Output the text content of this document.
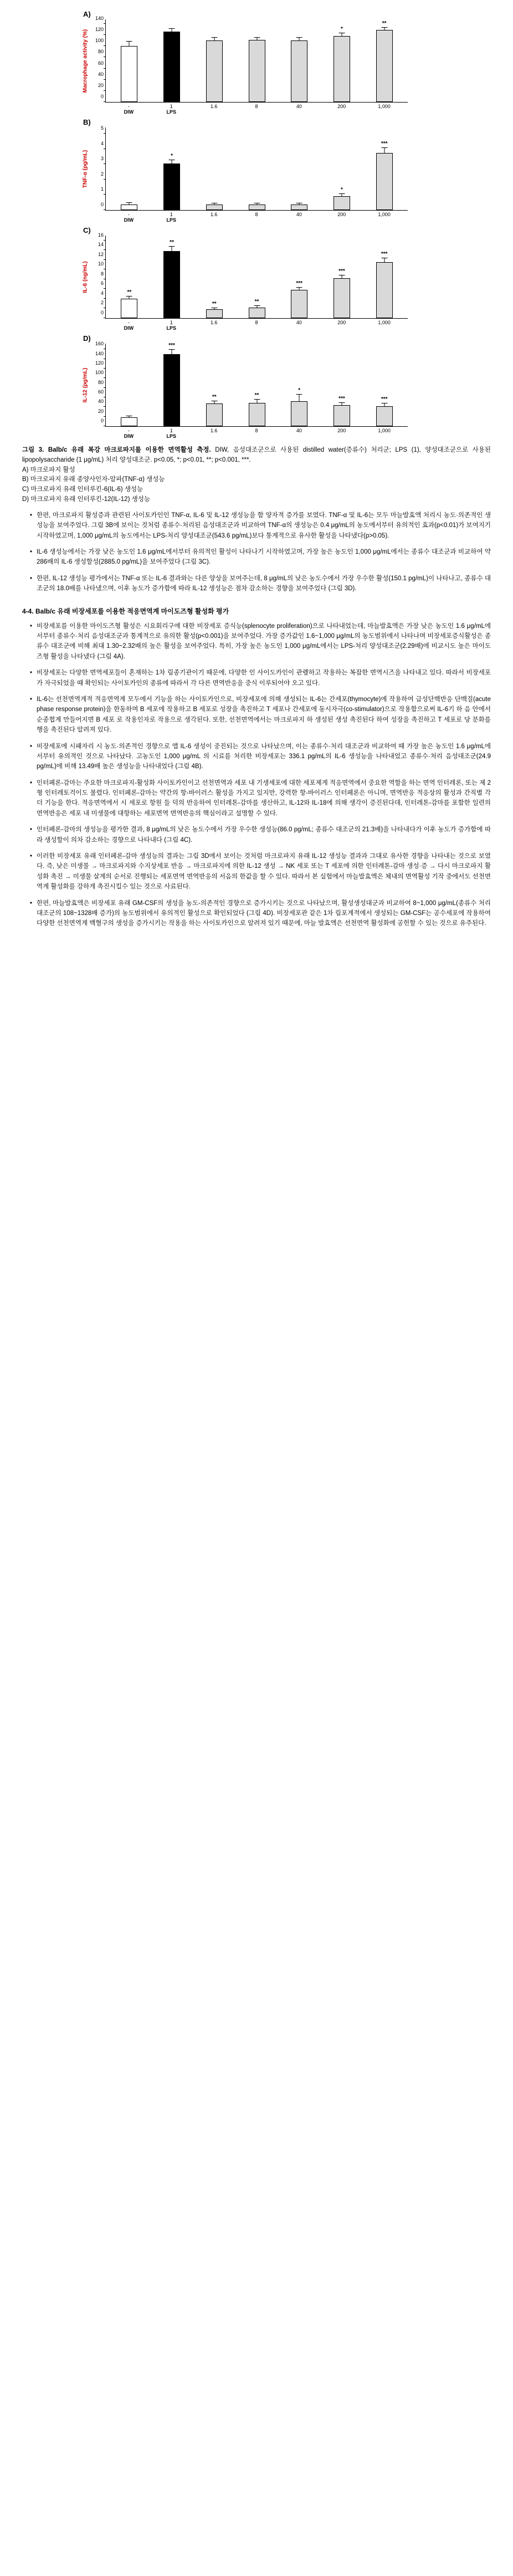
A)
Macrophage activity (%)
0
20
40
60
80
100
120
140
*
**
-	1	1.6	8	40	200	1,000
DIW	LPS
B)
TNF-α (pg/mL)
0
1
2
3
4
5
*
*
***
-	1	1.6	8	40	200	1,000
DIW	LPS
C)
IL-6 (ng/mL)
0
2
4
6
8
10
12
14
16
**
**
**	**
***
***
***
-	1	1.6	8	40	200	1,000
DIW	LPS
D)
IL-12 (pg/mL)
0
20
40
60
80
100
120
140
160	***
**	**
*
***	***
-	1	1.6	8	40	200	1,000
DIW	LPS
그림 3. Balb/c 유래 복강 마크로파지를 이용한 면역활성 측정. DIW, 음성대조군으로 사용된 distilled water(증류수) 처리군; LPS (1), 양성대조군으로 사용된 lipopolysaccharide (1 μg/mL) 처리 양성대조군. p<0.05, *; p<0.01, **; p<0.001, ***.
A) 마크로파지 활성
B) 마크로파지 유래 종양사인자-알파(TNF-α) 생성능
C) 마크로파지 유래 인터루킨-6(IL-6) 생성능
D) 마크로파지 유래 인터루킨-12(IL-12) 생성능
• 한편, 마크로파지 활성증과 관련된 사이토카인인 TNF-α, IL-6 및 IL-12 생성능을 함 양자적 증가를 보였다. TNF-α 및 IL-6는 모두 마늘발효액 처리시 농도·의존적인 생성능을 보여주었다. 그림 3B에 보이는 것처럼 종류수·처리된 음성대조군과 비교하여 TNF-α의 생성능은 0.4 μg/mL의 농도에서부터 유의적인 효과(p<0.01)가 보여지기 시작하였고며, 1,000 μg/mL의 농도에서는 LPS-처리 양성대조군(543.6 pg/mL)보다 통계적으로 유사한 활성을 나타냈다(p>0.05).
• IL-6 생성능에서는 가장 낮은 농도인 1.6 μg/mL에서부터 유의적인 활성이 나타나기 시작하였고며, 가장 높은 농도인 1,000 μg/mL에서는 종류수 대조군과 비교하여 약 286배의 IL-6 생성할성(2885.0 pg/mL)을 보여주었다 (그림 3C).
• 한편, IL-12 생성능 평가에서는 TNF-α 또는 IL-6 결과와는 다른 양상을 보여주는데, 8 μg/mL의 낮은 농도수에서 가장 우수한 활성(150.1 pg/mL)이 나타나고, 종류수 대조군의 18.0배를 나타냈으며, 이후 농도가 증가함에 따라 IL-12 생성능은 점차 감소하는 경향을 보여주었다 (그림 3D).
4-4. Balb/c 유래 비장세포를 이용한 적응면역계 마이도즈형 활성화 평가
• 비장세포를 이용한 마이도즈형 활성은 시요회리구에 대한 비장세포 증식능(splenocyte proliferation)으로 나타내었는데, 마늘발효액은 가장 낮은 농도인 1.6 μg/mL에서부터 종류수·처리 음성대조군과 통계적으로 유의한 활성(p<0.001)을 보여주었다. 가장 증가값인 1.6~1,000 μg/mL의 농도범위에서 나타나며 비장세포증식활성은 종류수 대조군에 비해 최대 1.30~2.32배의 높은 활성을 보여주었다. 특히, 가장 높은 농도인 1,000 μg/mL에서는 LPS-처리 양성대조군(2.29배)에 비교시도 높은 마이도즈형 활성을 나타냈다 (그림 4A).
• 비장세포는 다양한 면역세포들이 혼재하는 1차 림종기관이기 때문에, 다양한 인 사이도카인이 관롚하고 작용하는 복잡한 면역시즈을 나타내고 있다. 따라서 비장세포가 자극되었을 때 확인되는 사이토카인의 종류에 따라서 각 다른 면역반응을 중식 이루되어야 오고 있다.
• IL-6는 선천면역계적 적응면역계 모두에서 기능을 하는 사이토카인으로, 비장세포에 의해 생성되는 IL-6는 간세포(thymocyte)에 작용하여 급성단백반응 단백질(acute phase response protein)을 한동하며 B 세포에 작용하고 B 세포로 성장을 촉진하고 T 세포나 간세포에 동시자극(co-stimulator)으로 작용함으로써 IL-6기 하 음 안에서 순종협계 만들어지면 B 세포 로 작용인자로 작용으로 생각된다. 또한, 선천면역에서는 마크로파지 하 생성된 생성 촉진된다 하여 성장을 촉진하고 T 세포로 당 분화를행을 촉진된다 알려져 있다.
• 비장세포에 시패자리 시 농도·의존적인 경향으로 앱 IL-6 생성이 중진되는 것으로 나타났으며, 이는 종류수·처리 대조군과 비교하여 때 가장 높은 농도인 1.6 μg/mL에서부터 유의적인 것으로 나타났다. 고농도인 1,000 μg/mL 의 시료를 처리한 비장세포는 336.1 pg/mL의 IL-6 생성능을 나타내었고 종류수·처리 음성대조군(24.9 pg/mL)에 비해 13.49배 높은 생성능을 나타내었다 (그림 4B).
• 인터페론-감마는 주요한 마크로파지-활성화 사이토카인이고 선천면역과 세포 내 기생세포에 대한 세포제게 적응면역에서 중요한 역할을 하는 면역 인터레론, 또는 제 2형 인터레토걱이도 불렸다. 인터페론-감마는 약간의 항-바이러스 활성을 가지고 있지만, 강력한 항-바이러스 인터페론은 아니며, 면역반응 적응상의 활성과 간직별 각 더 기능을 한다. 적응면역에서 시 세포로 항원 들 덕의 반응하여 인터레톤-감마를 생산하고, IL-12와 IL-18에 의해 생각이 증진된다데, 인터레톤-감마를 포함한 일련의 면역반응은 세포 내 미생물에 대항하는 세포면역 면역반응의 핵심이라고 설명할 수 있다.
• 인터페론-감마의 생성능을 평가한 결과, 8 μg/mL의 낮은 농도수에서 가장 우수한 생성능(86.0 pg/mL; 종류수 대조군의 21.3배)을 나타내다가 이후 농도가 증가함에 따라 생성할이 의차 감소하는 경향으로 나타내다 (그림 4C).
• 이러한 비장세포 유래 인터페론-감마 생성능의 결과는 그림 3D에서 보이는 것처럼 마크로파지 유래 IL-12 생성능 결과과 그대로 유사한 경향을 나타내는 것으로 보였다. 즉, 낮은 미생물 → 마크로파지와 수지상세포 반응 → 마크로파지에 의한 IL-12 생성 → NK 세포 또는 T 세포에 의한 인터레톤-감마 생성·증 → 다시 마크로파지 활성화 촉진 → 미생물 살계의 순서로 진행되는 세포면역 면역반응의 서음의 한값을 할 수 있다. 따라서 본 실험에서 마늘발효액은 체내의 면역활성 기작 중에서도 선천면역계 활성화를 강하게 촉진시킬수 있는 것으로 사료된다.
• 한편, 마늘발효액은 비장세포 유래 GM-CSF의 생성을 농도-의존적인 경향으로 증가시키는 것으로 나타났으며, 활성생성대군과 비교하여 8~1,000 μg/mL(종류수 처리 대조군의 108~1328배 증가)의 농도범위에서 유의적인 활성으로 확인되었다 (그림 4D). 비장세포관 같은 1차 림포계적에서 생성되는 GM-CSF는 공수세포에 작용하여 다양한 선천면역계 백혈구의 생성을 증가시키는 작용을 하는 사이토카인으로 알려져 있기 때문에, 마늘 발효액은 선천면역 활성화에 공헌할 수 있는 것으로 유주된다.
